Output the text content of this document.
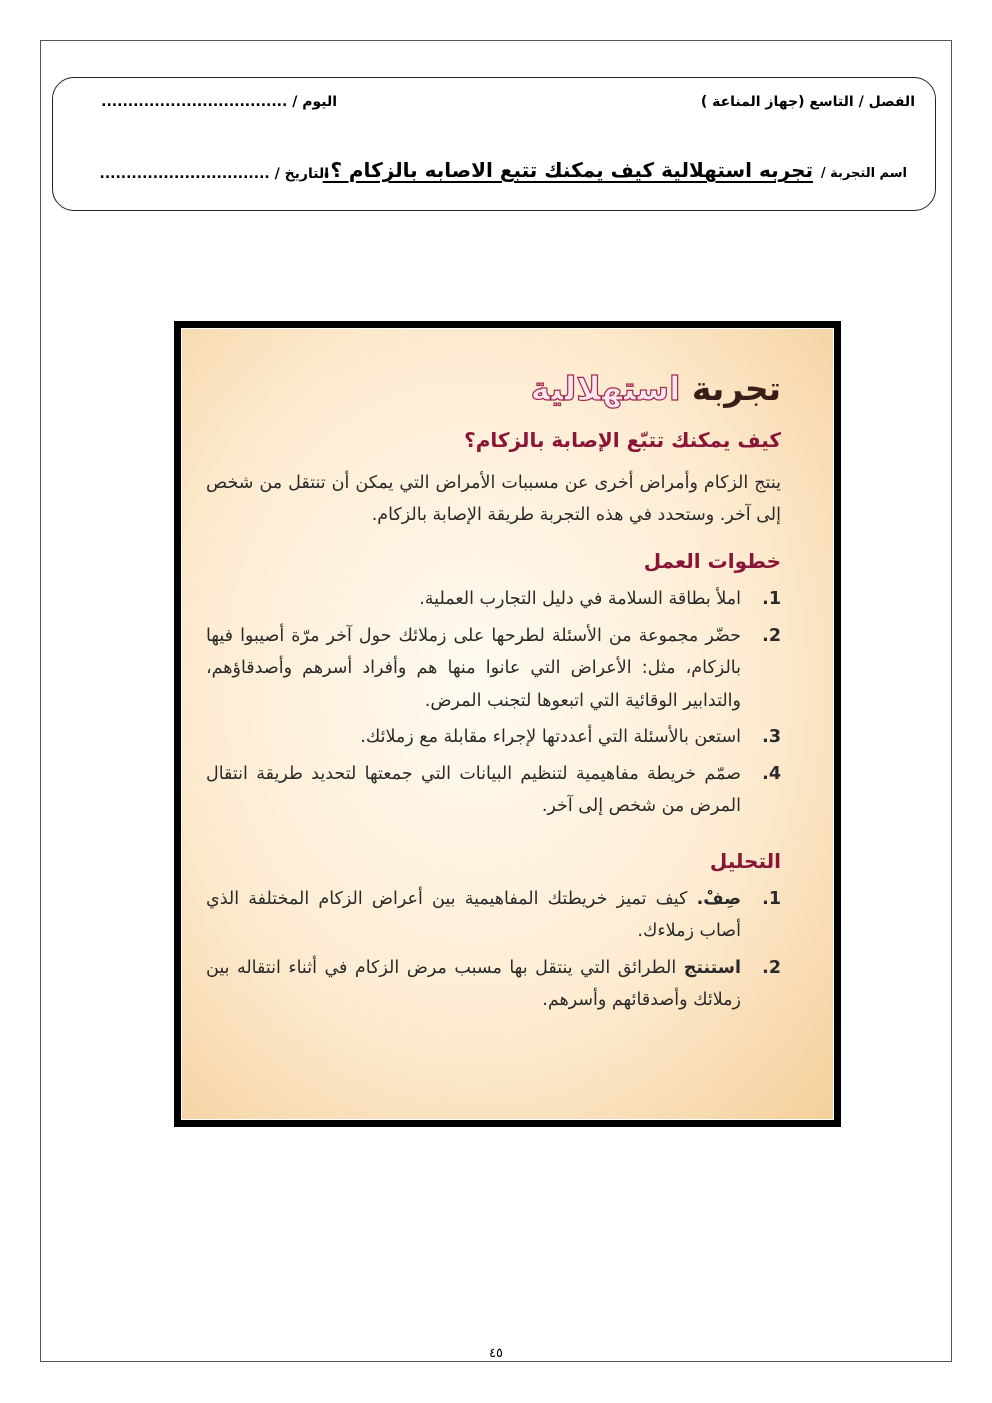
الفصل / التاسع (جهاز المناعة )
اليوم / ...................................
اسم التجربة /
تجربه استهلالية كيف يمكنك تتبع الاصابه بالزكام ؟.
التاريخ / ................................
تجربة استهلالية
كيف يمكنك تتبّع الإصابة بالزكام؟
ينتج الزكام وأمراض أخرى عن مسببات الأمراض التي يمكن أن تنتقل من شخص إلى آخر. وستحدد في هذه التجربة طريقة الإصابة بالزكام.
خطوات العمل
1.
املأ بطاقة السلامة في دليل التجارب العملية.
2.
حضّر مجموعة من الأسئلة لطرحها على زملائك حول آخر مرّة أصيبوا فيها بالزكام، مثل: الأعراض التي عانوا منها هم وأفراد أسرهم وأصدقاؤهم، والتدابير الوقائية التي اتبعوها لتجنب المرض.
3.
استعن بالأسئلة التي أعددتها لإجراء مقابلة مع زملائك.
4.
صمّم خريطة مفاهيمية لتنظيم البيانات التي جمعتها لتحديد طريقة انتقال المرض من شخص إلى آخر.
التحليل
1.
صِفْ. كيف تميز خريطتك المفاهيمية بين أعراض الزكام المختلفة الذي أصاب زملاءك.
2.
استنتج الطرائق التي ينتقل بها مسبب مرض الزكام في أثناء انتقاله بين زملائك وأصدقائهم وأسرهم.
٤٥
